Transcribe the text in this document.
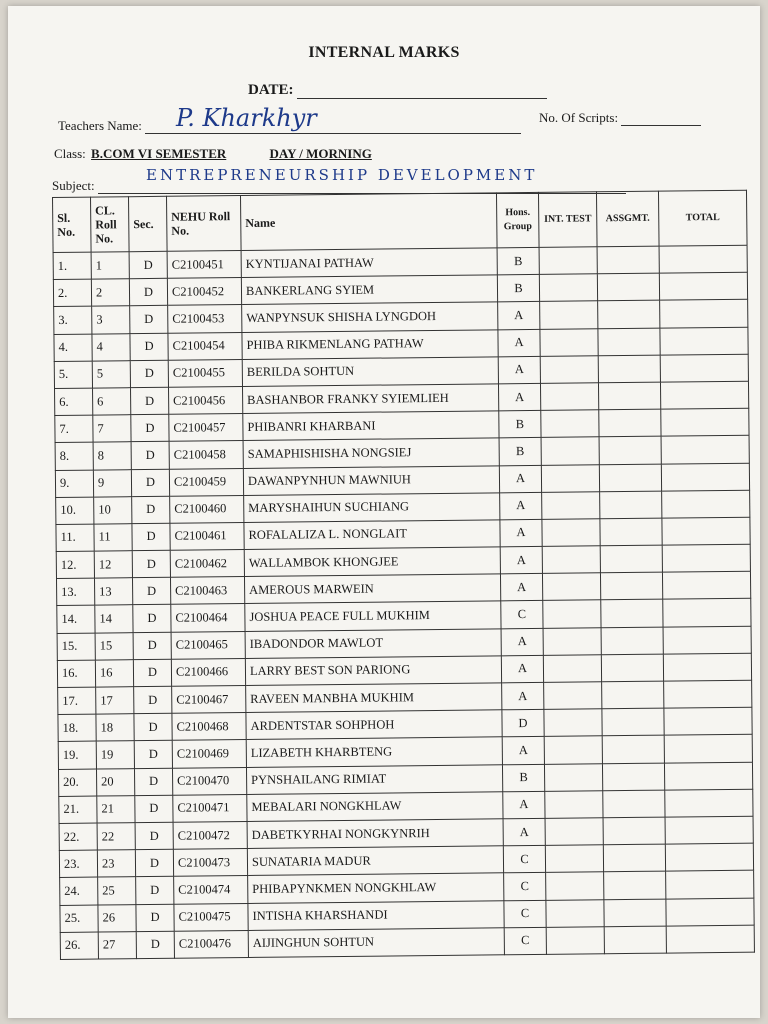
INTERNAL MARKS
DATE:
Teachers Name:	P. Kharkhyr	No. Of Scripts:
Class: B.COM VI SEMESTER	DAY / MORNING
Subject:
ENTREPRENEURSHIP DEVELOPMENT
Sl. No.	CL. Roll No.	Sec.	NEHU Roll No.	Name	Hons. Group	INT. TEST	ASSGMT.	TOTAL
1.	1	D	C2100451	KYNTIJANAI PATHAW	B			
2.	2	D	C2100452	BANKERLANG SYIEM	B			
3.	3	D	C2100453	WANPYNSUK SHISHA LYNGDOH	A			
4.	4	D	C2100454	PHIBA RIKMENLANG PATHAW	A			
5.	5	D	C2100455	BERILDA SOHTUN	A			
6.	6	D	C2100456	BASHANBOR FRANKY SYIEMLIEH	A			
7.	7	D	C2100457	PHIBANRI KHARBANI	B			
8.	8	D	C2100458	SAMAPHISHISHA NONGSIEJ	B			
9.	9	D	C2100459	DAWANPYNHUN MAWNIUH	A			
10.	10	D	C2100460	MARYSHAIHUN SUCHIANG	A			
11.	11	D	C2100461	ROFALALIZA L. NONGLAIT	A			
12.	12	D	C2100462	WALLAMBOK KHONGJEE	A			
13.	13	D	C2100463	AMEROUS MARWEIN	A			
14.	14	D	C2100464	JOSHUA PEACE FULL MUKHIM	C			
15.	15	D	C2100465	IBADONDOR MAWLOT	A			
16.	16	D	C2100466	LARRY BEST SON PARIONG	A			
17.	17	D	C2100467	RAVEEN MANBHA MUKHIM	A			
18.	18	D	C2100468	ARDENTSTAR SOHPHOH	D			
19.	19	D	C2100469	LIZABETH KHARBTENG	A			
20.	20	D	C2100470	PYNSHAILANG RIMIAT	B			
21.	21	D	C2100471	MEBALARI NONGKHLAW	A			
22.	22	D	C2100472	DABETKYRHAI NONGKYNRIH	A			
23.	23	D	C2100473	SUNATARIA MADUR	C			
24.	25	D	C2100474	PHIBAPYNKMEN NONGKHLAW	C			
25.	26	D	C2100475	INTISHA KHARSHANDI	C			
26.	27	D	C2100476	AIJINGHUN SOHTUN	C			
